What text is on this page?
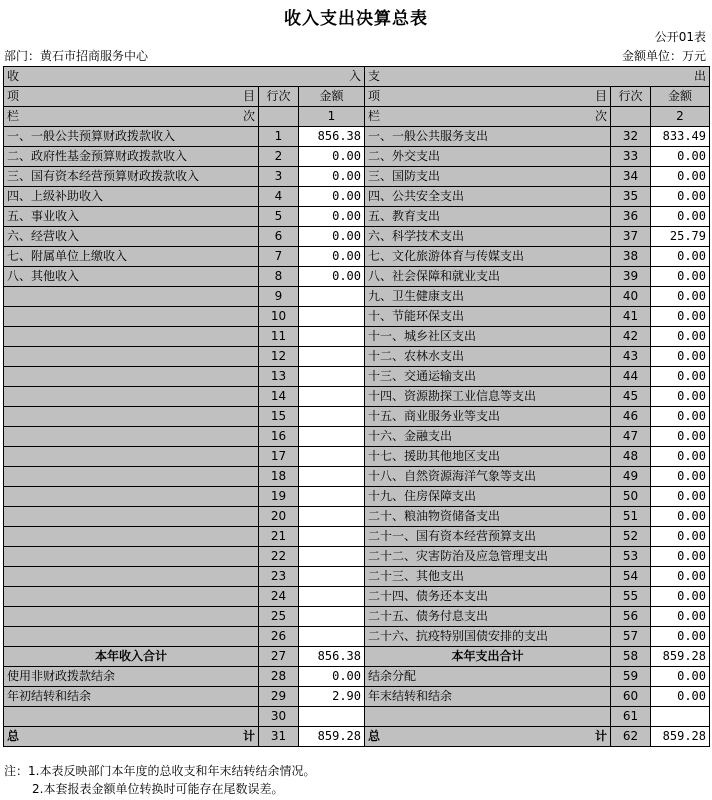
收入支出决算总表
公开01表
部门：黄石市招商服务中心	金额单位：万元
收 入			支 出		

项 目	行次	金额	项 目	行次	金额

栏 次		1	栏 次		2
一、一般公共预算财政拨款收入	1	856.38	一、一般公共服务支出	32	833.49
二、政府性基金预算财政拨款收入	2	0.00	二、外交支出	33	0.00
三、国有资本经营预算财政拨款收入	3	0.00	三、国防支出	34	0.00
四、上级补助收入	4	0.00	四、公共安全支出	35	0.00
五、事业收入	5	0.00	五、教育支出	36	0.00
六、经营收入	6	0.00	六、科学技术支出	37	25.79
七、附属单位上缴收入	7	0.00	七、文化旅游体育与传媒支出	38	0.00
八、其他收入	8	0.00	八、社会保障和就业支出	39	0.00
	9		九、卫生健康支出	40	0.00
	10		十、节能环保支出	41	0.00
	11		十一、城乡社区支出	42	0.00
	12		十二、农林水支出	43	0.00
	13		十三、交通运输支出	44	0.00
	14		十四、资源勘探工业信息等支出	45	0.00
	15		十五、商业服务业等支出	46	0.00
	16		十六、金融支出	47	0.00
	17		十七、援助其他地区支出	48	0.00
	18		十八、自然资源海洋气象等支出	49	0.00
	19		十九、住房保障支出	50	0.00
	20		二十、粮油物资储备支出	51	0.00
	21		二十一、国有资本经营预算支出	52	0.00
	22		二十二、灾害防治及应急管理支出	53	0.00
	23		二十三、其他支出	54	0.00
	24		二十四、债务还本支出	55	0.00
	25		二十五、债务付息支出	56	0.00
	26		二十六、抗疫特别国债安排的支出	57	0.00
本年收入合计	27	856.38	本年支出合计	58	859.28
使用非财政拨款结余	28	0.00	结余分配	59	0.00
年初结转和结余	29	2.90	年末结转和结余	60	0.00
	30			61	

总 计	31	859.28	总 计	62	859.28
注：1.本表反映部门本年度的总收支和年末结转结余情况。
2.本套报表金额单位转换时可能存在尾数误差。
